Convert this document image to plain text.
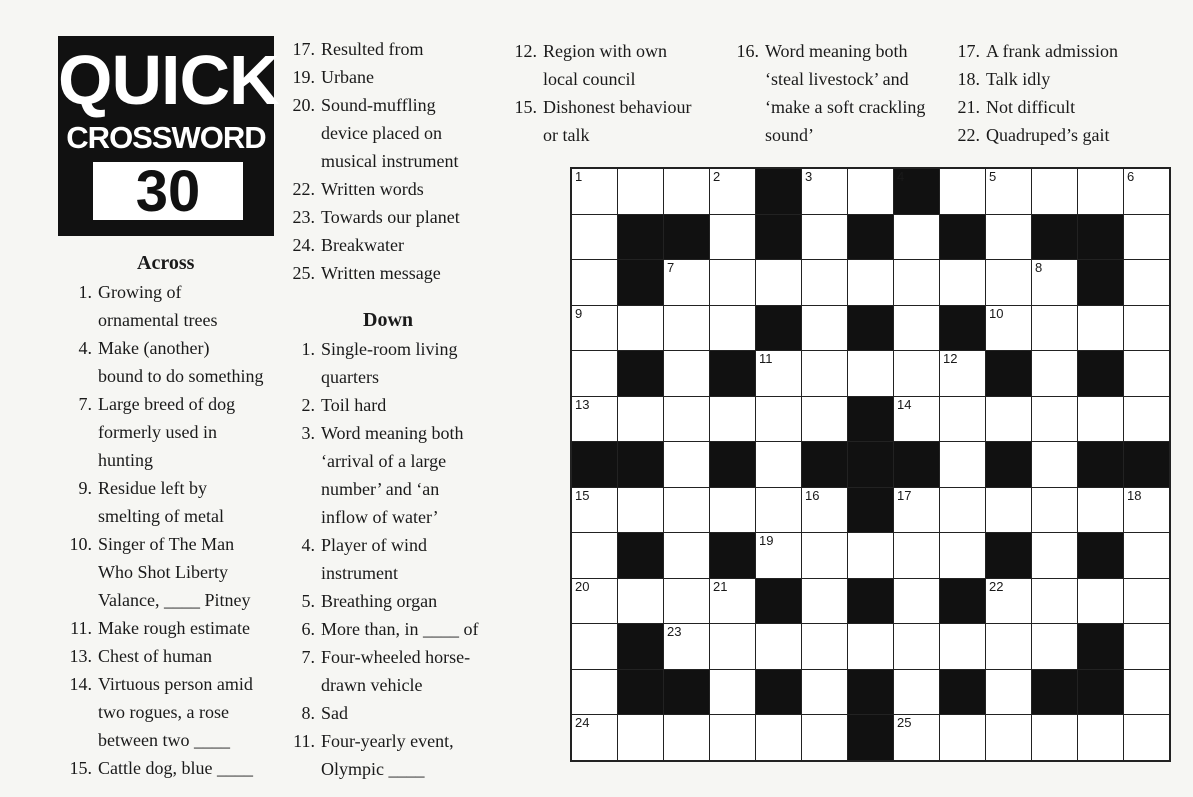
QUICK
CROSSWORD
30
Across
1. Growing of
ornamental trees
4. Make (another)
bound to do something
7. Large breed of dog
formerly used in
hunting
9. Residue left by
smelting of metal
10. Singer of The Man
Who Shot Liberty
Valance, ____ Pitney
11. Make rough estimate
13. Chest of human
14. Virtuous person amid
two rogues, a rose
between two ____
15. Cattle dog, blue ____
17. Resulted from
19. Urbane
20. Sound-muffling
device placed on
musical instrument
22. Written words
23. Towards our planet
24. Breakwater
25. Written message
Down
1. Single-room living
quarters
2. Toil hard
3. Word meaning both
‘arrival of a large
number’ and ‘an
inflow of water’
4. Player of wind
instrument
5. Breathing organ
6. More than, in ____ of
7. Four-wheeled horse-
drawn vehicle
8. Sad
11. Four-yearly event,
Olympic ____
12. Region with own
local council
15. Dishonest behaviour
or talk
16. Word meaning both
‘steal livestock’ and
‘make a soft crackling
sound’
17. A frank admission
18. Talk idly
21. Not difficult
22. Quadruped’s gait
1	2	3	4	5	6
7	8
9	10
11	12
13	14
15	16	17	18
19
20	21	22
23
24	25
